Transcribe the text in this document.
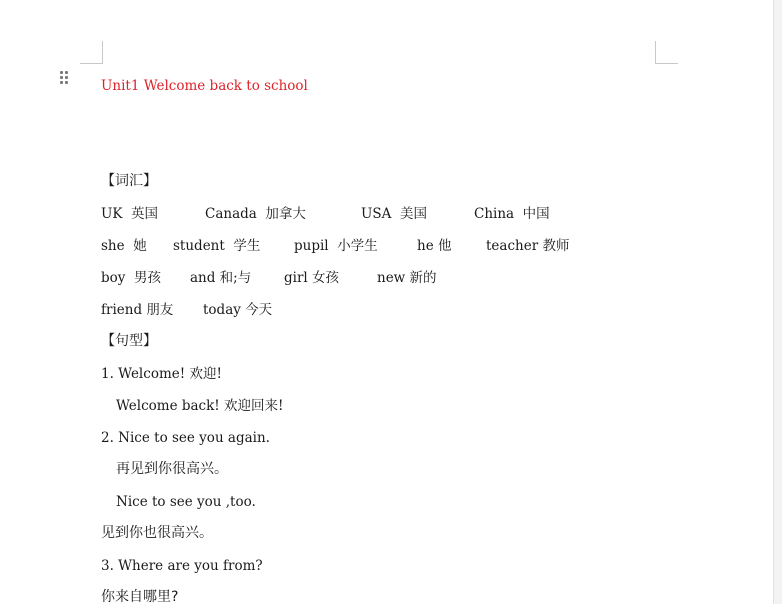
Unit1 Welcome back to school
【词汇】

UK  英国

	Canada  加拿大

	USA  美国

	China  中国

she  她

student  学生

pupil  小学生

	he 他

	teacher 教师

boy  男孩

and 和;与

girl 女孩

	new 新的

friend 朋友

today 今天

【句型】
1. Welcome! 欢迎!
Welcome back! 欢迎回来!
2. Nice to see you again.
再见到你很高兴。
Nice to see you ,too.
见到你也很高兴。
3. Where are you from?
你来自哪里?
